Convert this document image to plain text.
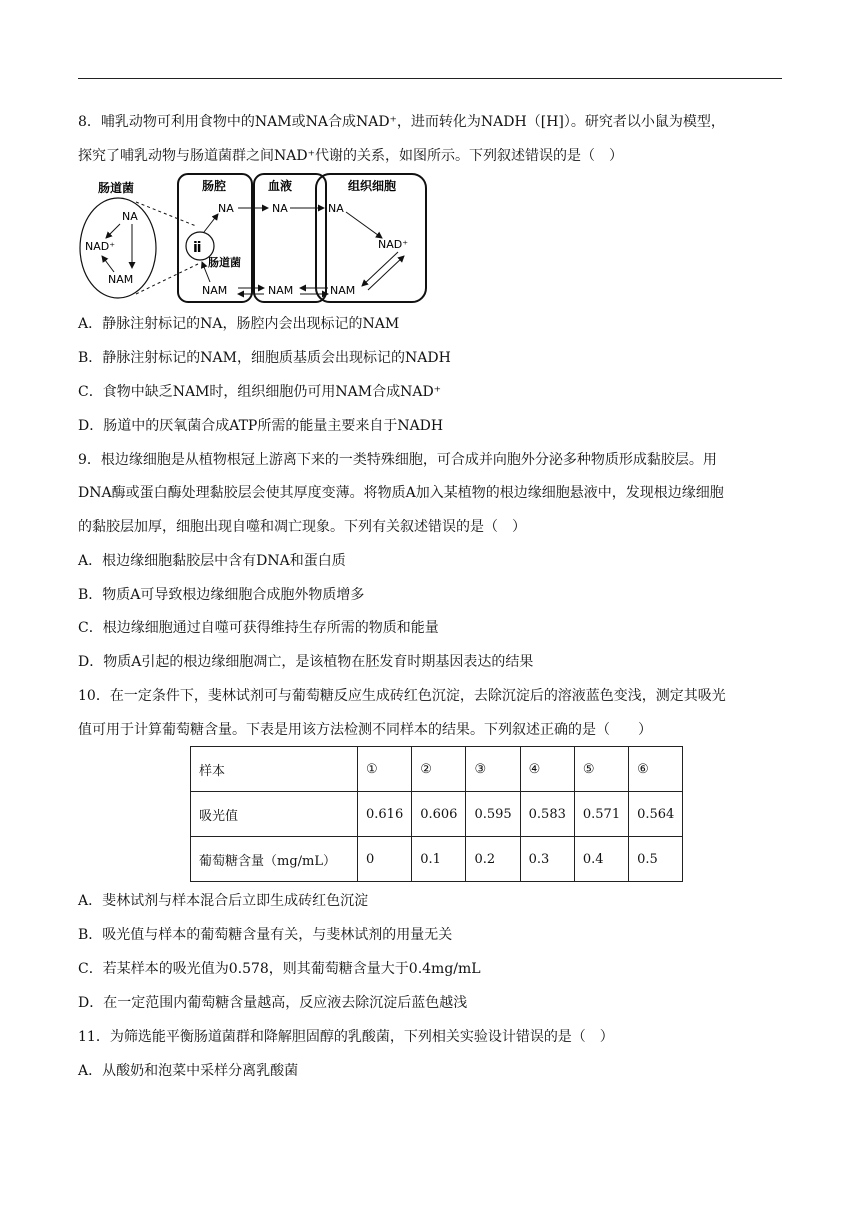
8．哺乳动物可利用食物中的NAM或NA合成NAD⁺，进而转化为NADH（[H]）。研究者以小鼠为模型，
探究了哺乳动物与肠道菌群之间NAD⁺代谢的关系，如图所示。下列叙述错误的是（　）
肠道菌
NA
NAD⁺
NAM
肠腔
NA
ⅱ
肠道菌
NAM
血液
NA
NAM
组织细胞
NA
NAD⁺
NAM
A．静脉注射标记的NA，肠腔内会出现标记的NAM
B．静脉注射标记的NAM，细胞质基质会出现标记的NADH
C．食物中缺乏NAM时，组织细胞仍可用NAM合成NAD⁺
D．肠道中的厌氧菌合成ATP所需的能量主要来自于NADH
9．根边缘细胞是从植物根冠上游离下来的一类特殊细胞，可合成并向胞外分泌多种物质形成黏胶层。用
DNA酶或蛋白酶处理黏胶层会使其厚度变薄。将物质A加入某植物的根边缘细胞悬液中，发现根边缘细胞
的黏胶层加厚，细胞出现自噬和凋亡现象。下列有关叙述错误的是（　）
A．根边缘细胞黏胶层中含有DNA和蛋白质
B．物质A可导致根边缘细胞合成胞外物质增多
C．根边缘细胞通过自噬可获得维持生存所需的物质和能量
D．物质A引起的根边缘细胞凋亡，是该植物在胚发育时期基因表达的结果
10．在一定条件下，斐林试剂可与葡萄糖反应生成砖红色沉淀，去除沉淀后的溶液蓝色变浅，测定其吸光
值可用于计算葡萄糖含量。下表是用该方法检测不同样本的结果。下列叙述正确的是（　　）
样本	①	②	③	④	⑤	⑥
吸光值	0.616	0.606	0.595	0.583	0.571	0.564
葡萄糖含量（mg/mL）	0	0.1	0.2	0.3	0.4	0.5
A．斐林试剂与样本混合后立即生成砖红色沉淀
B．吸光值与样本的葡萄糖含量有关，与斐林试剂的用量无关
C．若某样本的吸光值为0.578，则其葡萄糖含量大于0.4mg/mL
D．在一定范围内葡萄糖含量越高，反应液去除沉淀后蓝色越浅
11．为筛选能平衡肠道菌群和降解胆固醇的乳酸菌，下列相关实验设计错误的是（　）
A．从酸奶和泡菜中采样分离乳酸菌
